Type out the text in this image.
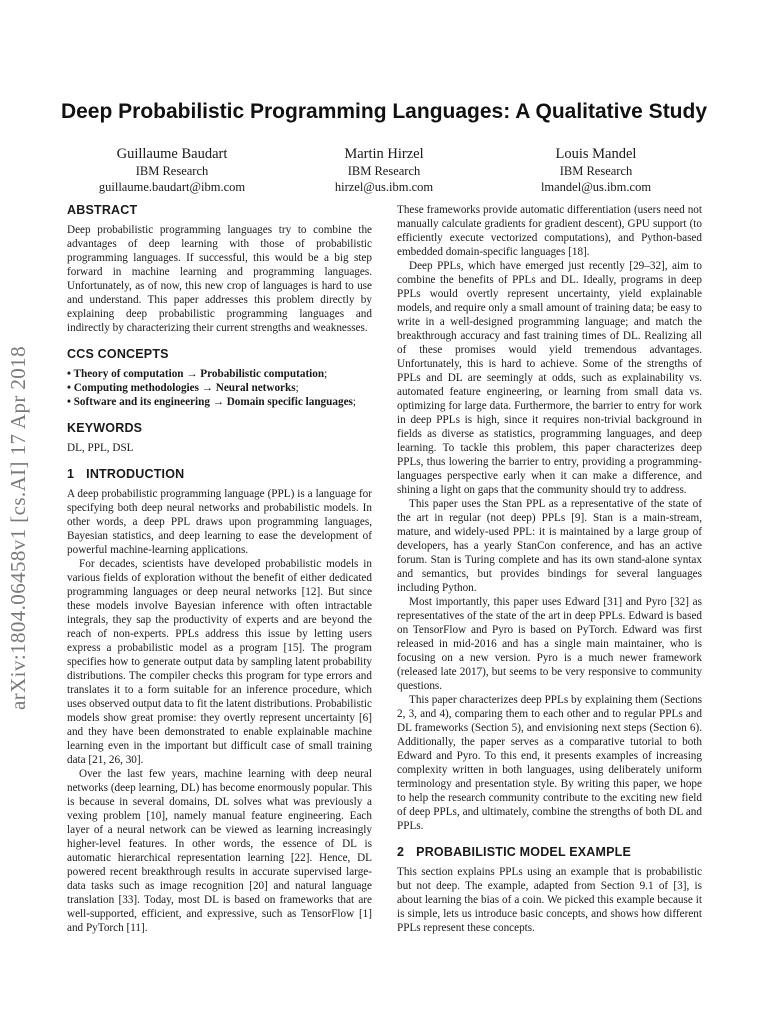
arXiv:1804.06458v1 [cs.AI] 17 Apr 2018
Deep Probabilistic Programming Languages: A Qualitative Study
Guillaume Baudart
IBM Research
guillaume.baudart@ibm.com
Martin Hirzel
IBM Research
hirzel@us.ibm.com
Louis Mandel
IBM Research
lmandel@us.ibm.com
ABSTRACT

Deep probabilistic programming languages try to combine the advantages of deep learning with those of probabilistic programming languages. If successful, this would be a big step forward in machine learning and programming languages. Unfortunately, as of now, this new crop of languages is hard to use and understand. This paper addresses this problem directly by explaining deep probabilistic programming languages and indirectly by characterizing their current strengths and weaknesses.

CCS CONCEPTS
• Theory of computation → Probabilistic computation;
• Computing methodologies → Neural networks;
• Software and its engineering → Domain specific languages;
KEYWORDS

DL, PPL, DSL

1 INTRODUCTION

A deep probabilistic programming language (PPL) is a language for specifying both deep neural networks and probabilistic models. In other words, a deep PPL draws upon programming languages, Bayesian statistics, and deep learning to ease the development of powerful machine-learning applications.

For decades, scientists have developed probabilistic models in various fields of exploration without the benefit of either dedicated programming languages or deep neural networks [12]. But since these models involve Bayesian inference with often intractable integrals, they sap the productivity of experts and are beyond the reach of non-experts. PPLs address this issue by letting users express a probabilistic model as a program [15]. The program specifies how to generate output data by sampling latent probability distributions. The compiler checks this program for type errors and translates it to a form suitable for an inference procedure, which uses observed output data to fit the latent distributions. Probabilistic models show great promise: they overtly represent uncertainty [6] and they have been demonstrated to enable explainable machine learning even in the important but difficult case of small training data [21, 26, 30].

Over the last few years, machine learning with deep neural networks (deep learning, DL) has become enormously popular. This is because in several domains, DL solves what was previously a vexing problem [10], namely manual feature engineering. Each layer of a neural network can be viewed as learning increasingly higher-level features. In other words, the essence of DL is automatic hierarchical representation learning [22]. Hence, DL powered recent breakthrough results in accurate supervised large-data tasks such as image recognition [20] and natural language translation [33]. Today, most DL is based on frameworks that are well-supported, efficient, and expressive, such as TensorFlow [1] and PyTorch [11].

These frameworks provide automatic differentiation (users need not manually calculate gradients for gradient descent), GPU support (to efficiently execute vectorized computations), and Python-based embedded domain-specific languages [18].

Deep PPLs, which have emerged just recently [29–32], aim to combine the benefits of PPLs and DL. Ideally, programs in deep PPLs would overtly represent uncertainty, yield explainable models, and require only a small amount of training data; be easy to write in a well-designed programming language; and match the breakthrough accuracy and fast training times of DL. Realizing all of these promises would yield tremendous advantages. Unfortunately, this is hard to achieve. Some of the strengths of PPLs and DL are seemingly at odds, such as explainability vs. automated feature engineering, or learning from small data vs. optimizing for large data. Furthermore, the barrier to entry for work in deep PPLs is high, since it requires non-trivial background in fields as diverse as statistics, programming languages, and deep learning. To tackle this problem, this paper characterizes deep PPLs, thus lowering the barrier to entry, providing a programming-languages perspective early when it can make a difference, and shining a light on gaps that the community should try to address.

This paper uses the Stan PPL as a representative of the state of the art in regular (not deep) PPLs [9]. Stan is a main-stream, mature, and widely-used PPL: it is maintained by a large group of developers, has a yearly StanCon conference, and has an active forum. Stan is Turing complete and has its own stand-alone syntax and semantics, but provides bindings for several languages including Python.

Most importantly, this paper uses Edward [31] and Pyro [32] as representatives of the state of the art in deep PPLs. Edward is based on TensorFlow and Pyro is based on PyTorch. Edward was first released in mid-2016 and has a single main maintainer, who is focusing on a new version. Pyro is a much newer framework (released late 2017), but seems to be very responsive to community questions.

This paper characterizes deep PPLs by explaining them (Sections 2, 3, and 4), comparing them to each other and to regular PPLs and DL frameworks (Section 5), and envisioning next steps (Section 6). Additionally, the paper serves as a comparative tutorial to both Edward and Pyro. To this end, it presents examples of increasing complexity written in both languages, using deliberately uniform terminology and presentation style. By writing this paper, we hope to help the research community contribute to the exciting new field of deep PPLs, and ultimately, combine the strengths of both DL and PPLs.

2 PROBABILISTIC MODEL EXAMPLE

This section explains PPLs using an example that is probabilistic but not deep. The example, adapted from Section 9.1 of [3], is about learning the bias of a coin. We picked this example because it is simple, lets us introduce basic concepts, and shows how different PPLs represent these concepts.
